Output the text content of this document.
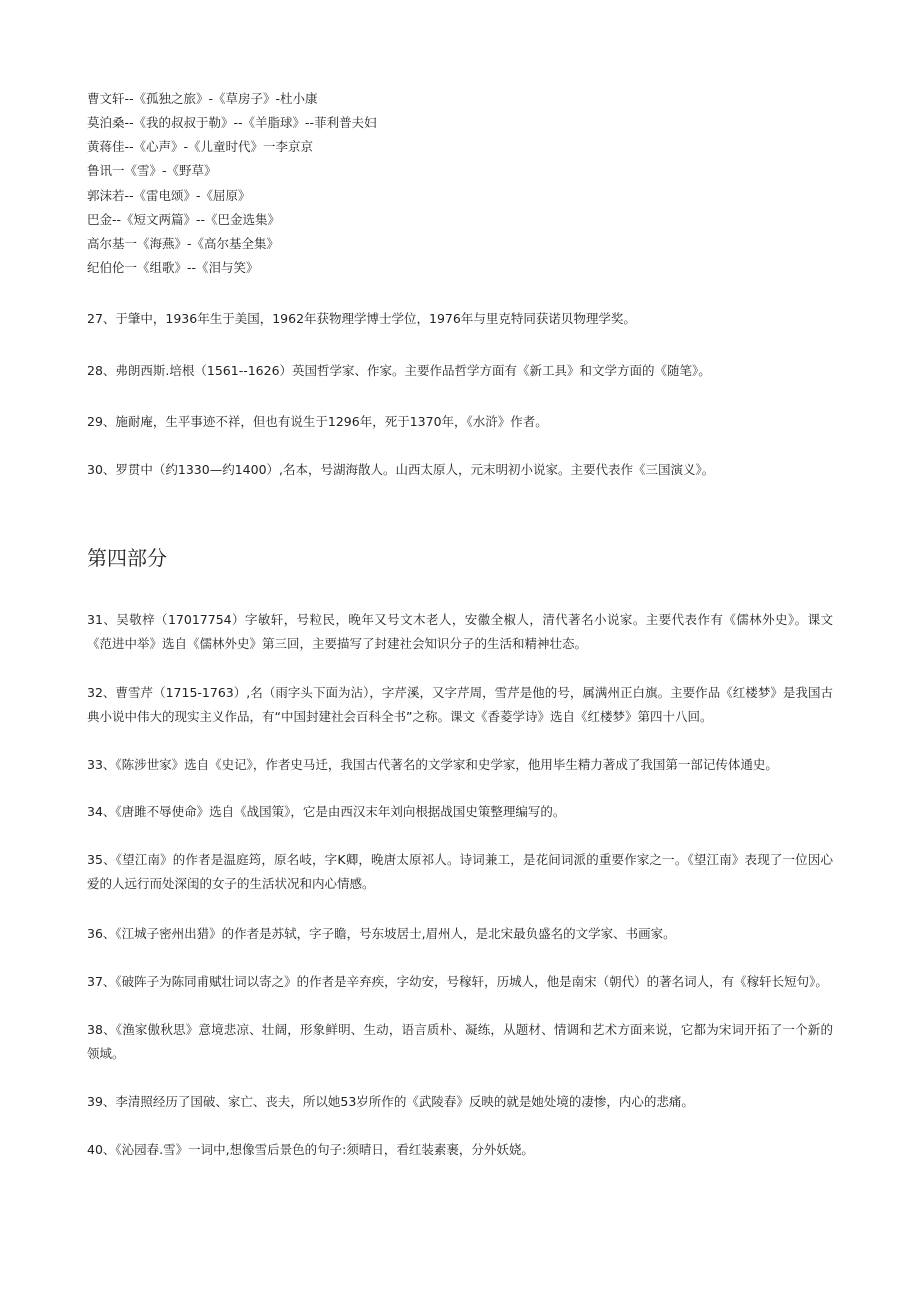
曹文轩--《孤独之旅》-《草房子》-杜小康
莫泊桑--《我的叔叔于勒》--《羊脂球》--菲利普夫妇
黄蒋佳--《心声》-《儿童时代》一李京京
鲁讯一《雪》-《野草》
郭沫若--《雷电颂》-《屈原》
巴金--《短文两篇》--《巴金选集》
高尔基一《海燕》-《高尔基全集》
纪伯伦一《组歌》--《泪与笑》
27、于肇中，1936年生于美国，1962年获物理学博士学位，1976年与里克特同获诺贝物理学奖。
28、弗朗西斯.培根（1561--1626）英国哲学家、作家。主要作品哲学方面有《新工具》和文学方面的《随笔》。
29、施耐庵，生平事迹不祥，但也有说生于1296年，死于1370年，《水浒》作者。
30、罗贯中（约1330—约1400）,名本，号湖海散人。山西太原人，元末明初小说家。主要代表作《三国演义》。
第四部分
31、吴敬梓（17017754）字敏轩，号粒民，晚年又号文木老人，安徽全椒人，清代著名小说家。主要代表作有《儒林外史》。课文《范进中举》选自《儒林外史》第三回，主要描写了封建社会知识分子的生活和精神壮态。
32、曹雪芹（1715-1763）,名（雨字头下面为沾），字芹溪，又字芹周，雪芹是他的号，属满州正白旗。主要作品《红楼梦》是我国古典小说中伟大的现实主义作品，有“中国封建社会百科全书”之称。课文《香菱学诗》选自《红楼梦》第四十八回。
33、《陈涉世家》选自《史记》，作者史马迁，我国古代著名的文学家和史学家，他用毕生精力著成了我国第一部记传体通史。
34、《唐雎不辱使命》选自《战国策》，它是由西汉末年刘向根据战国史策整理编写的。
35、《望江南》的作者是温庭筠，原名岐，字K卿，晚唐太原祁人。诗词兼工，是花间词派的重要作家之一。《望江南》表现了一位因心爱的人远行而处深闺的女子的生活状况和内心情感。
36、《江城子密州出猎》的作者是苏轼，字子瞻，号东坡居士,眉州人，是北宋最负盛名的文学家、书画家。
37、《破阵子为陈同甫赋壮词以寄之》的作者是辛弃疾，字幼安，号稼轩，历城人，他是南宋（朝代）的著名词人，有《稼轩长短句》。
38、《渔家傲秋思》意境悲凉、壮阔，形象鲜明、生动，语言质朴、凝练，从题材、情调和艺术方面来说，它都为宋词开拓了一个新的领域。
39、李清照经历了国破、家亡、丧夫，所以她53岁所作的《武陵春》反映的就是她处境的凄惨，内心的悲痛。
40、《沁园春.雪》一词中,想像雪后景色的句子:须晴日，看红装素裹，分外妖娆。
